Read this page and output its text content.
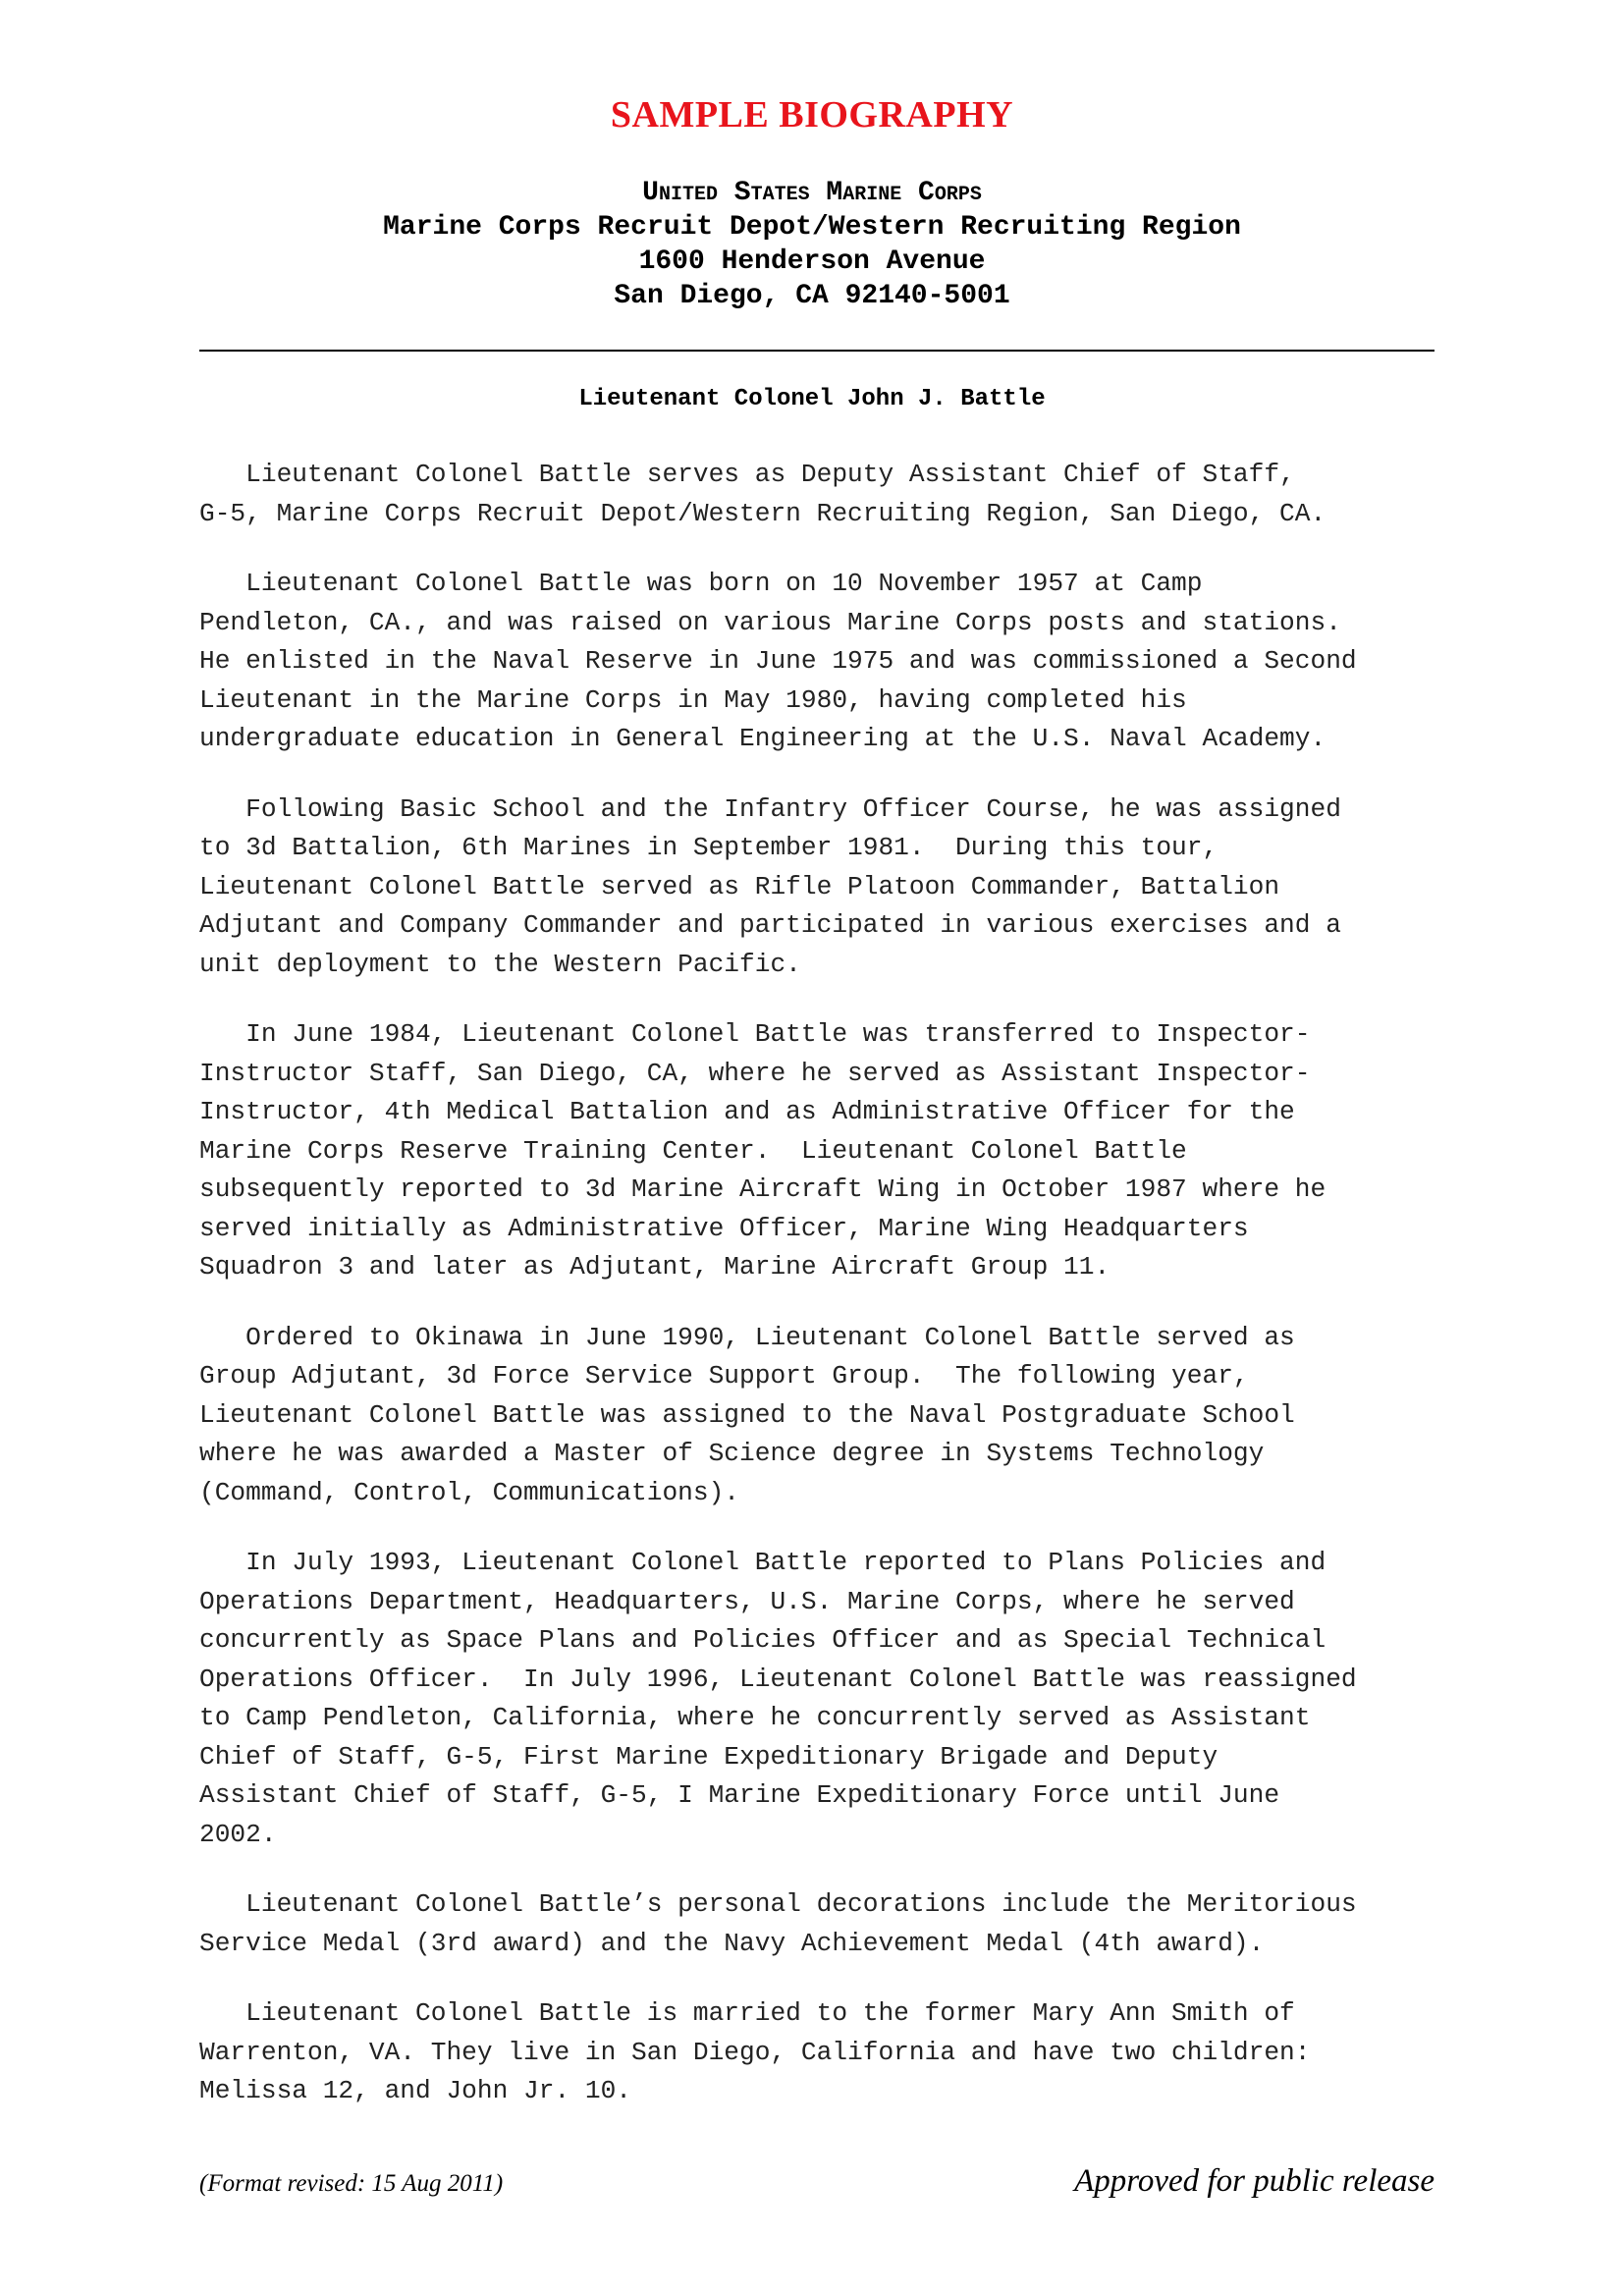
SAMPLE BIOGRAPHY
United States Marine Corps
Marine Corps Recruit Depot/Western Recruiting Region
1600 Henderson Avenue
San Diego, CA 92140-5001
Lieutenant Colonel John J. Battle

Lieutenant Colonel Battle serves as Deputy Assistant Chief of Staff,
G-5, Marine Corps Recruit Depot/Western Recruiting Region, San Diego, CA.

Lieutenant Colonel Battle was born on 10 November 1957 at Camp
Pendleton, CA., and was raised on various Marine Corps posts and stations.
He enlisted in the Naval Reserve in June 1975 and was commissioned a Second
Lieutenant in the Marine Corps in May 1980, having completed his
undergraduate education in General Engineering at the U.S. Naval Academy.

Following Basic School and the Infantry Officer Course, he was assigned
to 3d Battalion, 6th Marines in September 1981.  During this tour,
Lieutenant Colonel Battle served as Rifle Platoon Commander, Battalion
Adjutant and Company Commander and participated in various exercises and a
unit deployment to the Western Pacific.

In June 1984, Lieutenant Colonel Battle was transferred to Inspector-
Instructor Staff, San Diego, CA, where he served as Assistant Inspector-
Instructor, 4th Medical Battalion and as Administrative Officer for the
Marine Corps Reserve Training Center.  Lieutenant Colonel Battle
subsequently reported to 3d Marine Aircraft Wing in October 1987 where he
served initially as Administrative Officer, Marine Wing Headquarters
Squadron 3 and later as Adjutant, Marine Aircraft Group 11.

Ordered to Okinawa in June 1990, Lieutenant Colonel Battle served as
Group Adjutant, 3d Force Service Support Group.  The following year,
Lieutenant Colonel Battle was assigned to the Naval Postgraduate School
where he was awarded a Master of Science degree in Systems Technology
(Command, Control, Communications).

In July 1993, Lieutenant Colonel Battle reported to Plans Policies and
Operations Department, Headquarters, U.S. Marine Corps, where he served
concurrently as Space Plans and Policies Officer and as Special Technical
Operations Officer.  In July 1996, Lieutenant Colonel Battle was reassigned
to Camp Pendleton, California, where he concurrently served as Assistant
Chief of Staff, G-5, First Marine Expeditionary Brigade and Deputy
Assistant Chief of Staff, G-5, I Marine Expeditionary Force until June
2002.

Lieutenant Colonel Battle’s personal decorations include the Meritorious
Service Medal (3rd award) and the Navy Achievement Medal (4th award).

Lieutenant Colonel Battle is married to the former Mary Ann Smith of
Warrenton, VA. They live in San Diego, California and have two children:
Melissa 12, and John Jr. 10.

(Format revised: 15 Aug 2011)	Approved for public release
